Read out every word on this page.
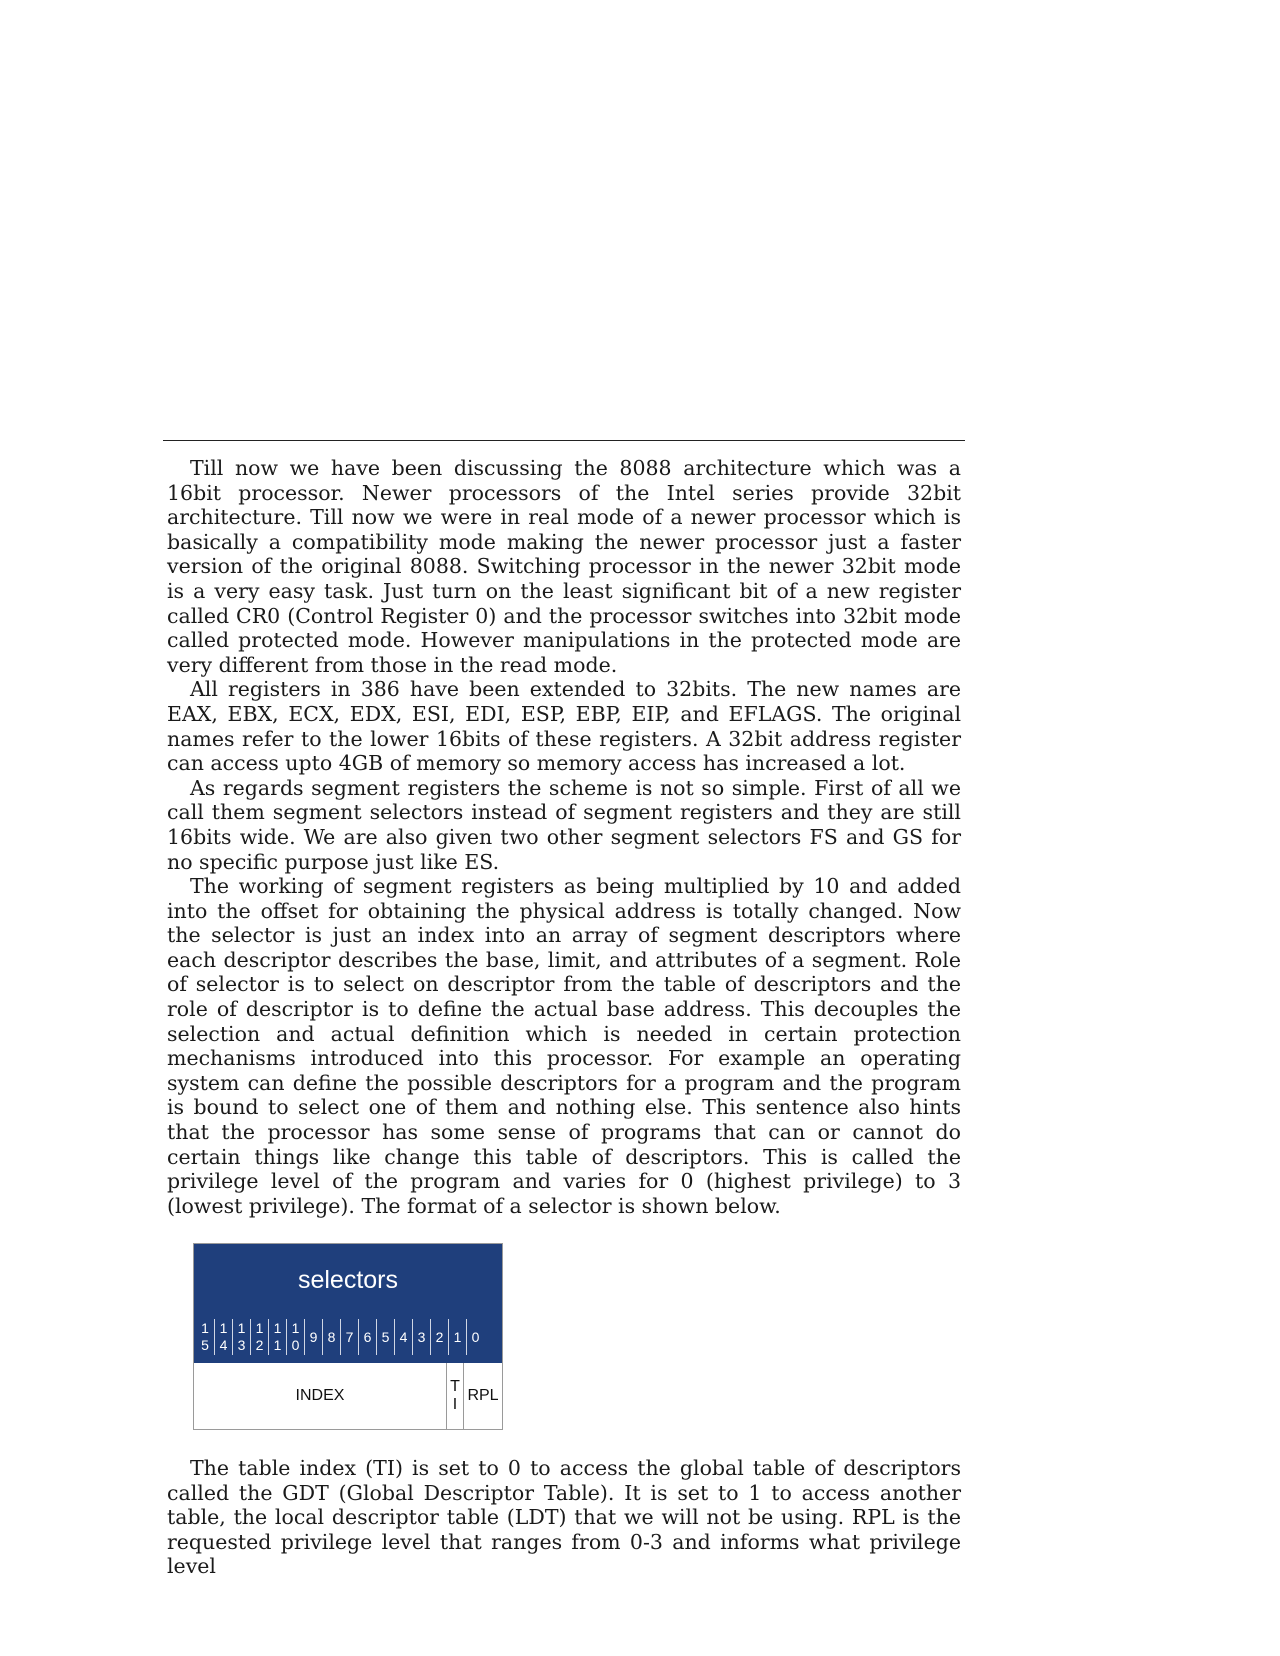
Till now we have been discussing the 8088 architecture which was a 16bit processor. Newer processors of the Intel series provide 32bit architecture. Till now we were in real mode of a newer processor which is basically a compatibility mode making the newer processor just a faster version of the original 8088. Switching processor in the newer 32bit mode is a very easy task. Just turn on the least significant bit of a new register called CR0 (Control Register 0) and the processor switches into 32bit mode called protected mode. However manipulations in the protected mode are very different from those in the read mode.

All registers in 386 have been extended to 32bits. The new names are EAX, EBX, ECX, EDX, ESI, EDI, ESP, EBP, EIP, and EFLAGS. The original names refer to the lower 16bits of these registers. A 32bit address register can access upto 4GB of memory so memory access has increased a lot.

As regards segment registers the scheme is not so simple. First of all we call them segment selectors instead of segment registers and they are still 16bits wide. We are also given two other segment selectors FS and GS for no specific purpose just like ES.

The working of segment registers as being multiplied by 10 and added into the offset for obtaining the physical address is totally changed. Now the selector is just an index into an array of segment descriptors where each descriptor describes the base, limit, and attributes of a segment. Role of selector is to select on descriptor from the table of descriptors and the role of descriptor is to define the actual base address. This decouples the selection and actual definition which is needed in certain protection mechanisms introduced into this processor. For example an operating system can define the possible descriptors for a program and the program is bound to select one of them and nothing else. This sentence also hints that the processor has some sense of programs that can or cannot do certain things like change this table of descriptors. This is called the privilege level of the program and varies for 0 (highest privilege) to 3 (lowest privilege). The format of a selector is shown below.

selectors
1
5
1
4
1
3
1
2
1
1
1
0
9 8 7 6 5 4 3 2 1 0
INDEX
T
I
RPL

The table index (TI) is set to 0 to access the global table of descriptors called the GDT (Global Descriptor Table). It is set to 1 to access another table, the local descriptor table (LDT) that we will not be using. RPL is the requested privilege level that ranges from 0-3 and informs what privilege level
